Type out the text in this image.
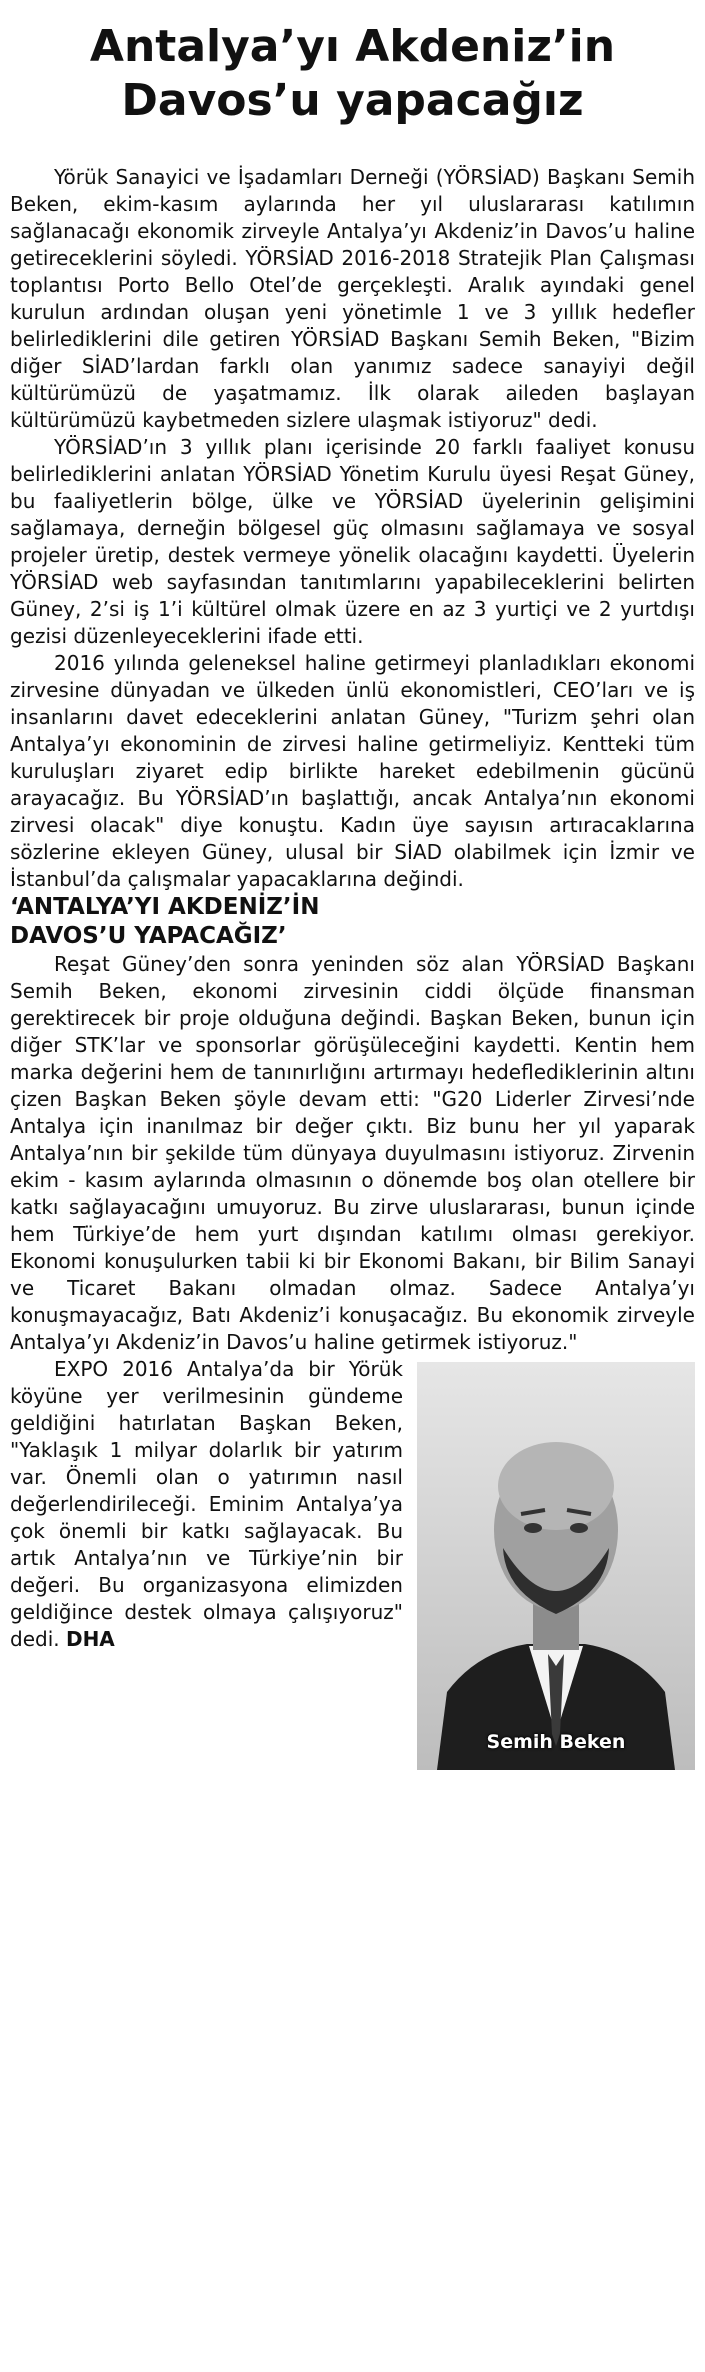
Antalya’yı Akdeniz’in
Davos’u yapacağız

Yörük Sanayici ve İşadamları Derneği (YÖRSİAD) Başkanı Semih Beken, ekim-kasım aylarında her yıl uluslararası katılımın sağlanacağı ekonomik zirveyle Antalya’yı Akdeniz’in Davos’u haline getireceklerini söyledi. YÖRSİAD 2016-2018 Stratejik Plan Çalışması toplantısı Porto Bello Otel’de gerçekleşti. Aralık ayındaki genel kurulun ardından oluşan yeni yönetimle 1 ve 3 yıllık hedefler belirlediklerini dile getiren YÖRSİAD Başkanı Semih Beken, "Bizim diğer SİAD’lardan farklı olan yanımız sadece sanayiyi değil kültürümüzü de yaşatmamız. İlk olarak aileden başlayan kültürümüzü kaybetmeden sizlere ulaşmak istiyoruz" dedi.

YÖRSİAD’ın 3 yıllık planı içerisinde 20 farklı faaliyet konusu belirlediklerini anlatan YÖRSİAD Yönetim Kurulu üyesi Reşat Güney, bu faaliyetlerin bölge, ülke ve YÖRSİAD üyelerinin gelişimini sağlamaya, derneğin bölgesel güç olmasını sağlamaya ve sosyal projeler üretip, destek vermeye yönelik olacağını kaydetti. Üyelerin YÖRSİAD web sayfasından tanıtımlarını yapabileceklerini belirten Güney, 2’si iş 1’i kültürel olmak üzere en az 3 yurtiçi ve 2 yurtdışı gezisi düzenleyeceklerini ifade etti.

2016 yılında geleneksel haline getirmeyi planladıkları ekonomi zirvesine dünyadan ve ülkeden ünlü ekonomistleri, CEO’ları ve iş insanlarını davet edeceklerini anlatan Güney, "Turizm şehri olan Antalya’yı ekonominin de zirvesi haline getirmeliyiz. Kentteki tüm kuruluşları ziyaret edip birlikte hareket edebilmenin gücünü arayacağız. Bu YÖRSİAD’ın başlattığı, ancak Antalya’nın ekonomi zirvesi olacak" diye konuştu. Kadın üye sayısın artıracaklarına sözlerine ekleyen Güney, ulusal bir SİAD olabilmek için İzmir ve İstanbul’da çalışmalar yapacaklarına değindi.

‘ANTALYA’YI AKDENİZ’İN
DAVOS’U YAPACAĞIZ’

Reşat Güney’den sonra yeninden söz alan YÖRSİAD Başkanı Semih Beken, ekonomi zirvesinin ciddi ölçüde finansman gerektirecek bir proje olduğuna değindi. Başkan Beken, bunun için diğer STK’lar ve sponsorlar görüşüleceğini kaydetti. Kentin hem marka değerini hem de tanınırlığını artırmayı hedeflediklerinin altını çizen Başkan Beken şöyle devam etti: "G20 Liderler Zirvesi’nde Antalya için inanılmaz bir değer çıktı. Biz bunu her yıl yaparak Antalya’nın bir şekilde tüm dünyaya duyulmasını istiyoruz. Zirvenin ekim - kasım aylarında olmasının o dönemde boş olan otellere bir katkı sağlayacağını umuyoruz. Bu zirve uluslararası, bunun içinde hem Türkiye’de hem yurt dışından katılımı olması gerekiyor. Ekonomi konuşulurken tabii ki bir Ekonomi Bakanı, bir Bilim Sanayi ve Ticaret Bakanı olmadan olmaz. Sadece Antalya’yı konuşmayacağız, Batı Akdeniz’i konuşacağız. Bu ekonomik zirveyle Antalya’yı Akdeniz’in Davos’u haline getirmek istiyoruz."

Semih Beken

EXPO 2016 Antalya’da bir Yörük köyüne yer verilmesinin gündeme geldiğini hatırlatan Başkan Beken, "Yaklaşık 1 milyar dolarlık bir yatırım var. Önemli olan o yatırımın nasıl değerlendirileceği. Eminim Antalya’ya çok önemli bir katkı sağlayacak. Bu artık Antalya’nın ve Türkiye’nin bir değeri. Bu organizasyona elimizden geldiğince destek olmaya çalışıyoruz" dedi. DHA
